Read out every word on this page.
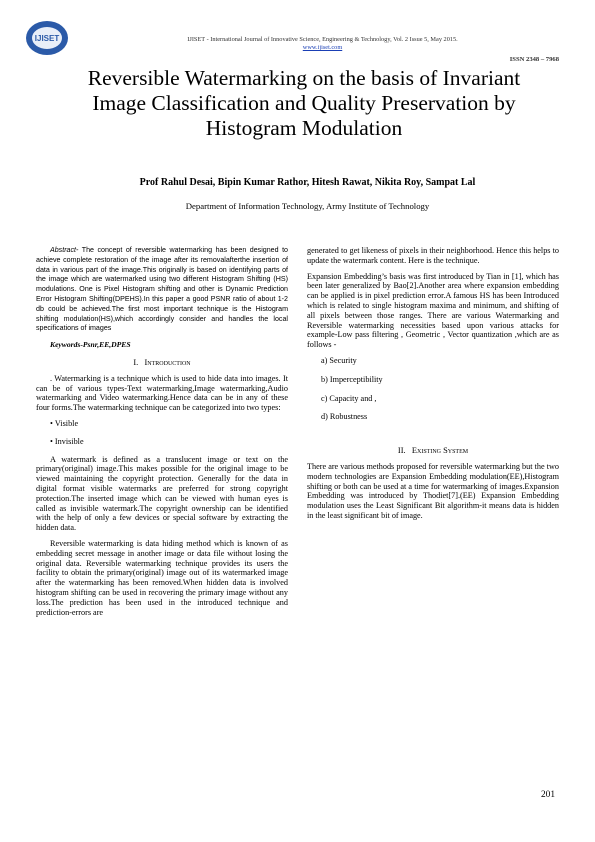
IJISET	IJISET - International Journal of Innovative Science, Engineering & Technology, Vol. 2 Issue 5, May 2015.
www.ijiset.com
ISSN 2348 – 7968
Reversible Watermarking on the basis of Invariant Image Classification and Quality Preservation by Histogram Modulation
Prof Rahul Desai, Bipin Kumar Rathor, Hitesh Rawat, Nikita Roy, Sampat Lal
Department of Information Technology, Army Institute of Technology

Abstract- The concept of reversible watermarking has been designed to achieve complete restoration of the image after its removalafterthe insertion of data in various part of the image.This originally is based on identifying parts of the image which are watermarked using two different Histogram Shifting (HS) modulations. One is Pixel Histogram shifting and other is Dynamic Prediction Error Histogram Shifting(DPEHS).In this paper a good PSNR ratio of about 1-2 db could be achieved.The first most important technique is the Histogram shifting modulation(HS),which accordingly consider and handles the local specifications of images

Keywords-Psnr,EE,DPES
I. Introduction

. Watermarking is a technique which is used to hide data into images. It can be of various types-Text watermarking,Image watermarking,Audio watermarking and Video watermarking.Hence data can be in any of these four forms.The watermarking technique can be categorized into two types:

• Visible
• Invisible

A watermark is defined as a translucent image or text on the primary(original) image.This makes possible for the original image to be viewed maintaining the copyright protection. Generally for the data in digital format visible watermarks are preferred for strong copyright protection.The inserted image which can be viewed with human eyes is called as invisible watermark.The copyright ownership can be identified with the help of only a few devices or special software by extracting the hidden data.

Reversible watermarking is data hiding method which is known of as embedding secret message in another image or data file without losing the original data. Reversible watermarking technique provides its users the facility to obtain the primary(original) image out of its watermarked image after the watermarking has been removed.When hidden data is involved histogram shifting can be used in recovering the primary image without any loss.The prediction has been used in the introduced technique and prediction-errors are

generated to get likeness of pixels in their neighborhood. Hence this helps to update the watermark content. Here is the technique.

Expansion Embedding’s basis was first introduced by Tian in [1], which has been later generalized by Bao[2].Another area where expansion embedding can be applied is in pixel prediction error.A famous HS has been Introduced which is related to single histogram maxima and minimum, and shifting of all pixels between those ranges. There are various Watermarking and Reversible watermarking necessities based upon various attacks for example-Low pass filtering , Geometric , Vector quantization ,which are as follows -

a) Security
b) Imperceptibility
c) Capacity and ,
d) Robustness
II. Existing System

There are various methods proposed for reversible watermarking but the two modern technologies are Expansion Embedding modulation(EE),Histogram shifting or both can be used at a time for watermarking of images.Expansion Embedding was introduced by Thodiet[7].(EE) Expansion Embedding modulation uses the Least Significant Bit algorithm-it means data is hidden in the least significant bit of image.

201
